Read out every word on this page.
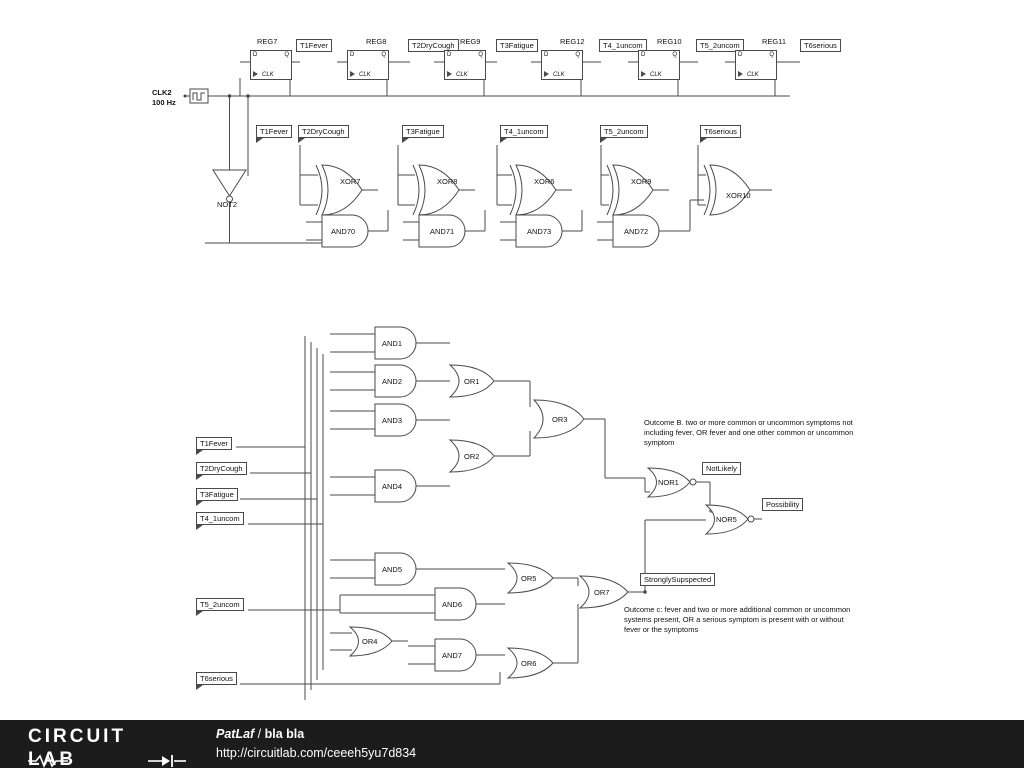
CLK2
100 Hz
REG7
D	Q
CLK
T1Fever	REG8
D	Q
CLK
T2DryCough REG9
D	Q
CLK
T3Fatigue	REG12
D	Q
CLK
T4_1uncom	REG10
D	Q
CLK
T5_2uncom	REG11
D	Q
CLK
T6serious
T1Fever	T2DryCough	T3Fatigue	T4_1uncom	T5_2uncom	T6serious
NOT2
XOR7	XOR8	XOR6	XOR9
XOR10
AND70	AND71	AND73	AND72
T1Fever
T2DryCough
T3Fatigue
T4_1uncom
T5_2uncom
T6serious
AND1
AND2
AND3
AND4
AND5
AND6
AND7
OR1
OR2
OR3
OR4
OR5
OR6
OR7
NOR1
NOR5
NotLikely
Possibility
StronglySupspected
Outcome B. two or more common or uncommon symptoms not including fever, OR fever and one other common or uncommon symptom
Outcome c: fever and two or more additional common or uncommon systems present, OR a serious symptom is present with or without fever or the symptoms
CIRCUIT
LAB
PatLaf / bla bla
http://circuitlab.com/ceeeh5yu7d834
